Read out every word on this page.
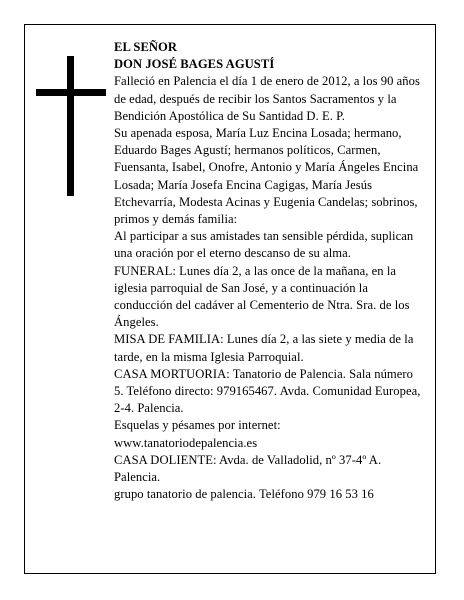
EL SEÑOR

DON JOSÉ BAGES AGUSTÍ

Falleció en Palencia el día 1 de enero de 2012, a los 90 años de edad, después de recibir los Santos Sacramentos y la Bendición Apostólica de Su Santidad D. E. P.

Su apenada esposa, María Luz Encina Losada; hermano, Eduardo Bages Agustí; hermanos políticos, Carmen, Fuensanta, Isabel, Onofre, Antonio y María Ángeles Encina Losada; María Josefa Encina Cagigas, María Jesús Etchevarría, Modesta Acinas y Eugenia Candelas; sobrinos, primos y demás familia:

Al participar a sus amistades tan sensible pérdida, suplican una oración por el eterno descanso de su alma.

FUNERAL: Lunes día 2, a las once de la mañana, en la iglesia parroquial de San José, y a continuación la conducción del cadáver al Cementerio de Ntra. Sra. de los Ángeles.

MISA DE FAMILIA: Lunes día 2, a las siete y media de la tarde, en la misma Iglesia Parroquial.

CASA MORTUORIA: Tanatorio de Palencia. Sala número 5. Teléfono directo: 979165467. Avda. Comunidad Europea, 2-4. Palencia.

Esquelas y pésames por internet: www.tanatoriodepalencia.es

CASA DOLIENTE: Avda. de Valladolid, nº 37-4º A. Palencia.

grupo tanatorio de palencia. Teléfono 979 16 53 16
